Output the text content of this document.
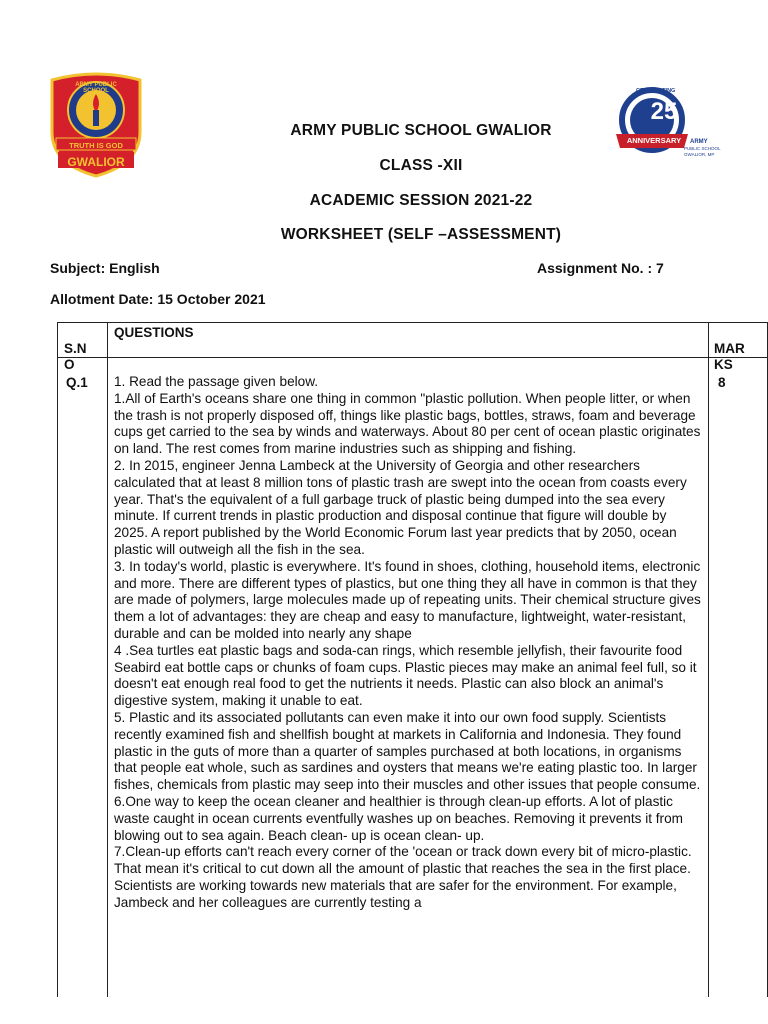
ARMY PUBLIC SCHOOL
TRUTH IS GOD
GWALIOR
CELEBRATING
25
ANNIVERSARY	ARMY
PUBLIC SCHOOL
GWALIOR, MP
ARMY PUBLIC SCHOOL GWALIOR
CLASS -XII
ACADEMIC SESSION 2021-22
WORKSHEET (SELF –ASSESSMENT)
Subject: English	Assignment No. : 7
Allotment Date: 15 October 2021

S.N
O

QUESTIONS

MAR
KS

Q.1 1. Read the passage given below.
1.All of Earth's oceans share one thing in common "plastic pollution. When people litter, or when the trash is not properly disposed off, things like plastic bags, bottles, straws, foam and beverage cups get carried to the sea by winds and waterways. About 80 per cent of ocean plastic originates on land. The rest comes from marine industries such as shipping and fishing.
2. In 2015, engineer Jenna Lambeck at the University of Georgia and other researchers calculated that at least 8 million tons of plastic trash are swept into the ocean from coasts every year. That's the equivalent of a full garbage truck of plastic being dumped into the sea every minute. If current trends in plastic production and disposal continue that figure will double by 2025. A report published by the World Economic Forum last year predicts that by 2050, ocean plastic will outweigh all the fish in the sea.
3. In today's world, plastic is everywhere. It's found in shoes, clothing, household items, electronic and more. There are different types of plastics, but one thing they all have in common is that they are made of polymers, large molecules made up of repeating units. Their chemical structure gives them a lot of advantages: they are cheap and easy to manufacture, lightweight, water-resistant, durable and can be molded into nearly any shape
4 .Sea turtles eat plastic bags and soda-can rings, which resemble jellyfish, their favourite food Seabird eat bottle caps or chunks of foam cups. Plastic pieces may make an animal feel full, so it doesn't eat enough real food to get the nutrients it needs. Plastic can also block an animal's digestive system, making it unable to eat.
5. Plastic and its associated pollutants can even make it into our own food supply. Scientists recently examined fish and shellfish bought at markets in California and Indonesia. They found plastic in the guts of more than a quarter of samples purchased at both locations, in organisms that people eat whole, such as sardines and oysters that means we're eating plastic too. In larger fishes, chemicals from plastic may seep into their muscles and other issues that people consume.
6.One way to keep the ocean cleaner and healthier is through clean-up efforts. A lot of plastic waste caught in ocean currents eventfully washes up on beaches. Removing it prevents it from blowing out to sea again. Beach clean- up is ocean clean- up.
7.Clean-up efforts can't reach every corner of the 'ocean or track down every bit of micro-plastic. That mean it's critical to cut down all the amount of plastic that reaches the sea in the first place. Scientists are working towards new materials that are safer for the environment. For example, Jambeck and her colleagues are currently testing a
8
